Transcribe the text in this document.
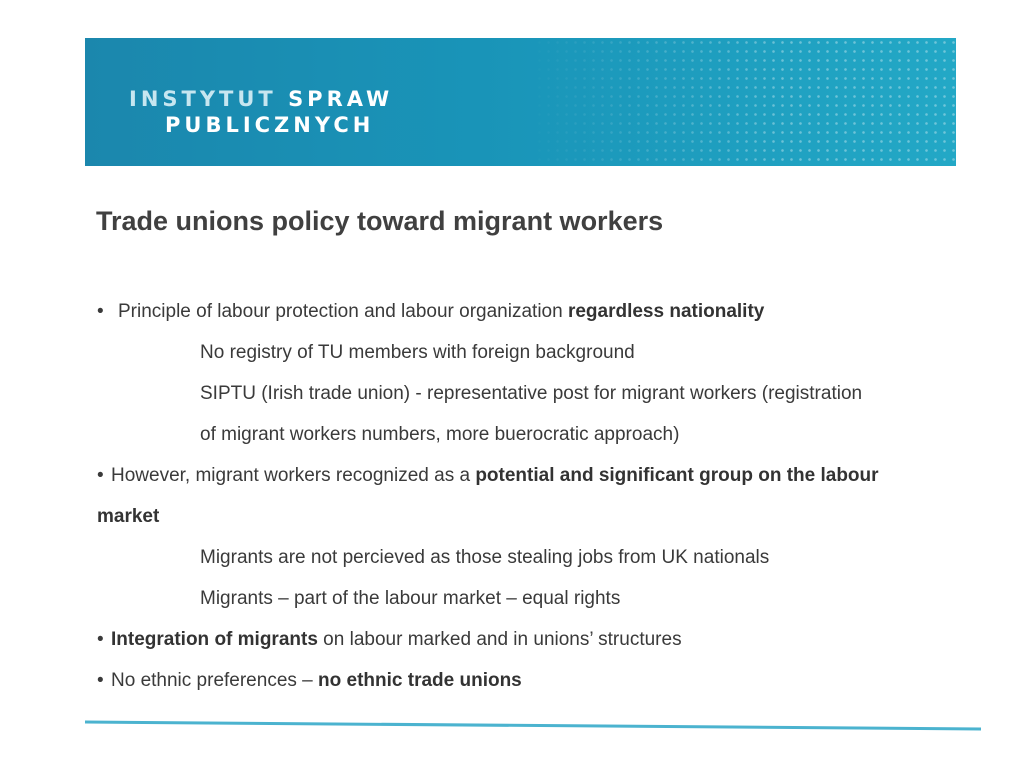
INSTYTUT SPRAW
PUBLICZNYCH
Trade unions policy toward migrant workers
• Principle of labour protection and labour organization regardless nationality
No registry of TU members with foreign background
SIPTU (Irish trade union) - representative post for migrant workers (registration
of migrant workers numbers, more buerocratic approach)
• However, migrant workers recognized as a potential and significant group on the labour
market
Migrants are not percieved as those stealing jobs from UK nationals
Migrants – part of the labour market – equal rights
• Integration of migrants on labour marked and in unions’ structures
• No ethnic preferences – no ethnic trade unions
